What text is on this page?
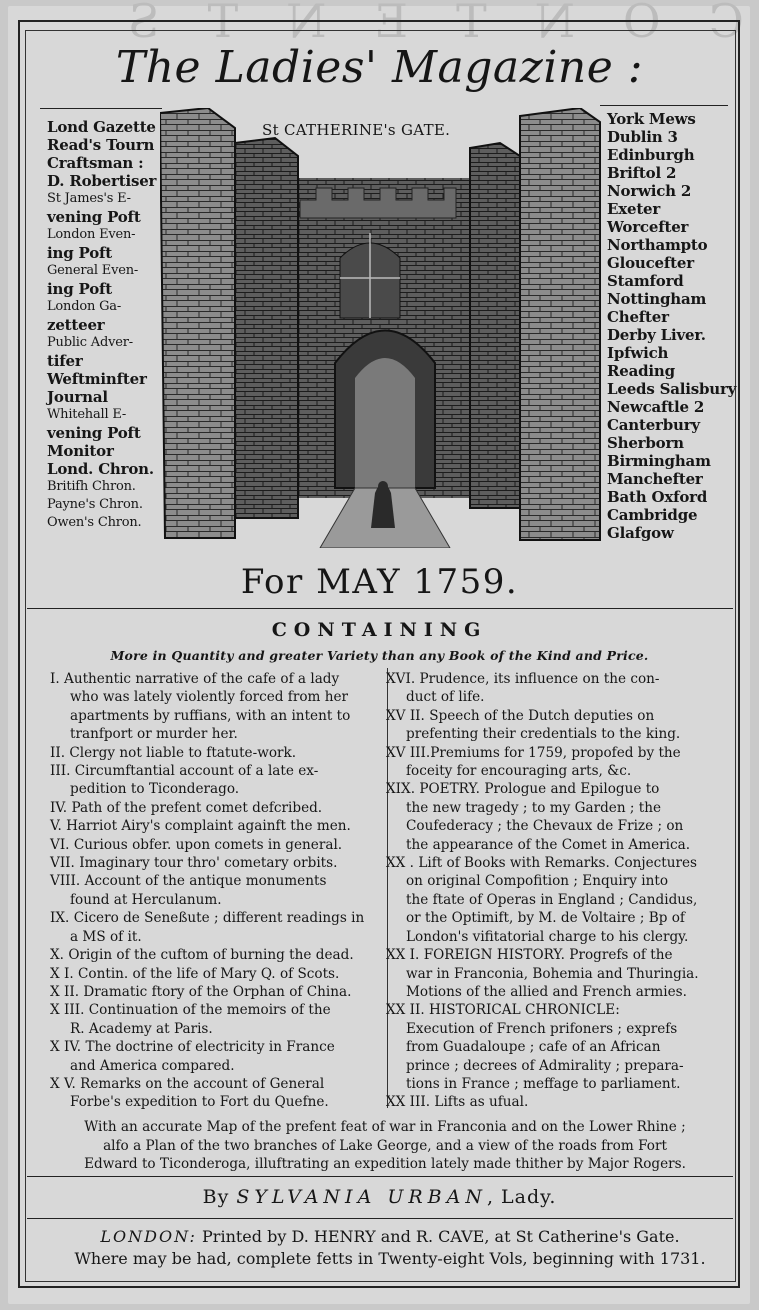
CONTENTS
The Ladies' Magazine :
Lond Gazette
Read's Tourn
Craftsman :
D. Robertiser
St James's E-
vening Poft
London Even-
ing Poft
General Even-
ing Poft
London Ga-
zetteer
Public Adver-
tifer
Weftminfter
Journal
Whitehall E-
vening Poft
Monitor
Lond. Chron.
Britifh Chron.
Payne's Chron.
Owen's Chron.
York Mews
Dublin 3
Edinburgh
Briftol 2
Norwich 2
Exeter
Worcefter
Northampto
Gloucefter
Stamford
Nottingham
Chefter
Derby Liver.
Ipfwich
Reading
Leeds Salisbury
Newcaftle 2
Canterbury
Sherborn
Birmingham
Manchefter
Bath Oxford
Cambridge
Glafgow
St CATHERINE's GATE.
For MAY 1759.
CONTAINING
More in Quantity and greater Variety than any Book of the Kind and Price.
I. Authentic narrative of the cafe of a lady
who was lately violently forced from her
apartments by ruffians, with an intent to
tranfport or murder her.
II. Clergy not liable to ftatute-work.
III. Circumftantial account of a late ex-
pedition to Ticonderago.
IV. Path of the prefent comet defcribed.
V. Harriot Airy's complaint againft the men.
VI. Curious obfer. upon comets in general.
VII. Imaginary tour thro' cometary orbits.
VIII. Account of the antique monuments
found at Herculanum.
IX. Cicero de Seneßute ; different readings in
a MS of it.
X. Origin of the cuftom of burning the dead.
X I. Contin. of the life of Mary Q. of Scots.
X II. Dramatic ftory of the Orphan of China.
X III. Continuation of the memoirs of the
R. Academy at Paris.
X IV. The doctrine of electricity in France
and America compared.
X V. Remarks on the account of General
Forbe's expedition to Fort du Quefne.
XVI. Prudence, its influence on the con-
duct of life.
XV II. Speech of the Dutch deputies on
prefenting their credentials to the king.
XV III.Premiums for 1759, propofed by the
foceity for encouraging arts, &c.
XIX. POETRY. Prologue and Epilogue to
the new tragedy ; to my Garden ; the
Coufederacy ; the Chevaux de Frize ; on
the appearance of the Comet in America.
XX . Lift of Books with Remarks. Conjectures
on original Compofition ; Enquiry into
the ftate of Operas in England ; Candidus,
or the Optimift, by M. de Voltaire ; Bp of
London's vifitatorial charge to his clergy.
XX I. FOREIGN HISTORY. Progrefs of the
war in Franconia, Bohemia and Thuringia.
Motions of the allied and French armies.
XX II. HISTORICAL CHRONICLE:
Execution of French prifoners ; exprefs
from Guadaloupe ; cafe of an African
prince ; decrees of Admirality ; prepara-
tions in France ; meffage to parliament.
XX III. Lifts as ufual.
With an accurate Map of the prefent feat of war in Franconia and on the Lower Rhine ;
alfo a Plan of the two branches of Lake George, and a view of the roads from Fort
Edward to Ticonderoga, illuftrating an expedition lately made thither by Major Rogers.
By SYLVANIA URBAN, Lady.
LONDON: Printed by D. HENRY and R. CAVE, at St Catherine's Gate.
Where may be had, complete fetts in Twenty-eight Vols, beginning with 1731.
